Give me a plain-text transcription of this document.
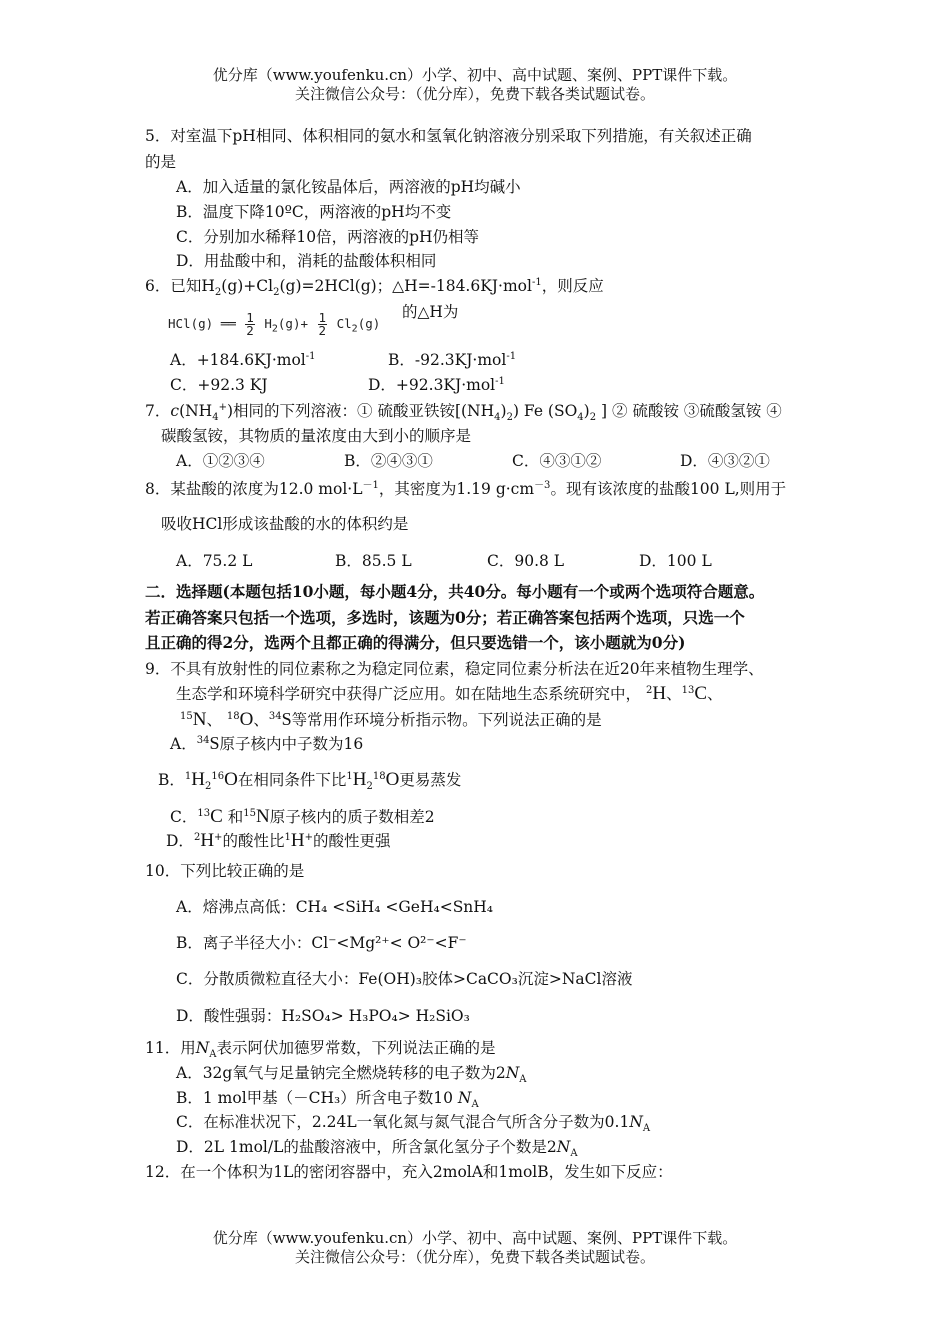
优分库（www.youfenku.cn）小学、初中、高中试题、案例、PPT课件下载。
关注微信公众号：（优分库），免费下载各类试题试卷。
5．对室温下pH相同、体积相同的氨水和氢氧化钠溶液分别采取下列措施，有关叙述正确
的是
A．加入适量的氯化铵晶体后，两溶液的pH均碱小
B．温度下降10ºC，两溶液的pH均不变
C．分别加水稀释10倍，两溶液的pH仍相等
D．用盐酸中和，消耗的盐酸体积相同
6．已知$H_2(g)+Cl_2(g)=2HCl(g)$；△H=-184.6KJ·mol$^{-1}$，则反应
HCl(g) ══ $\frac{1}{2} H_2(g)+ \frac{1}{2} Cl_2(g)$
的△H为
A．+184.6KJ·mol$^{-1}$	B．-92.3KJ·mol$^{-1}$
C．+92.3 KJ	D．+92.3KJ·mol$^{-1}$
7．$c(NH_4^+)$相同的下列溶液：① 硫酸亚铁铵$[(NH_4)_2)$ Fe $(SO_4)_2$ ] ② 硫酸铵 ③硫酸氢铵 ④
碳酸氢铵，其物质的量浓度由大到小的顺序是
A．①②③④	B．②④③①	C．④③①②	D．④③②①
8．某盐酸的浓度为12.0 $mol\cdot L^{-1}$，其密度为1.19 $g\cdot cm^{-3}$。现有该浓度的盐酸100 L,则用于
吸收HCl形成该盐酸的水的体积约是
A．75.2 L	B．85.5 L	C．90.8 L	D．100 L
二．选择题(本题包括10小题，每小题4分，共40分。每小题有一个或两个选项符合题意。
若正确答案只包括一个选项，多选时，该题为0分；若正确答案包括两个选项，只选一个
且正确的得2分，选两个且都正确的得满分，但只要选错一个，该小题就为0分)
9．不具有放射性的同位素称之为稳定同位素，稳定同位素分析法在近20年来植物生理学、
生态学和环境科学研究中获得广泛应用。如在陆地生态系统研究中， $^2$H、$^{13}$C、
$^{15}$N、 $^{18}$O、$^{34}$S等常用作环境分析指示物。下列说法正确的是
A．$^{34}$S原子核内中子数为16
B．$^1H_2^{16}O$在相同条件下比$^1H_2^{18}O$更易蒸发
C．$^{13}$C 和$^{15}$N原子核内的质子数相差2
D．$^2$H+的酸性比$^1$H+的酸性更强
10．下列比较正确的是
A．熔沸点高低：CH₄ <SiH₄ <GeH₄<SnH₄
B．离子半径大小：Cl⁻<Mg²⁺< O²⁻<F⁻
C．分散质微粒直径大小：Fe(OH)₃胶体>CaCO₃沉淀>NaCl溶液
D．酸性强弱：H₂SO₄> H₃PO₄> H₂SiO₃
11．用$N_A$表示阿伏加德罗常数，下列说法正确的是
A．32g氧气与足量钠完全燃烧转移的电子数为$2N_A$
B．1 mol甲基（－CH₃）所含电子数10 $N_A$
C．在标准状况下，2.24L一氧化氮与氮气混合气所含分子数为$0.1N_A$
D．2L 1mol/L的盐酸溶液中，所含氯化氢分子个数是$2N_A$
12．在一个体积为1L的密闭容器中，充入2molA和1molB，发生如下反应：
优分库（www.youfenku.cn）小学、初中、高中试题、案例、PPT课件下载。
关注微信公众号：（优分库），免费下载各类试题试卷。
